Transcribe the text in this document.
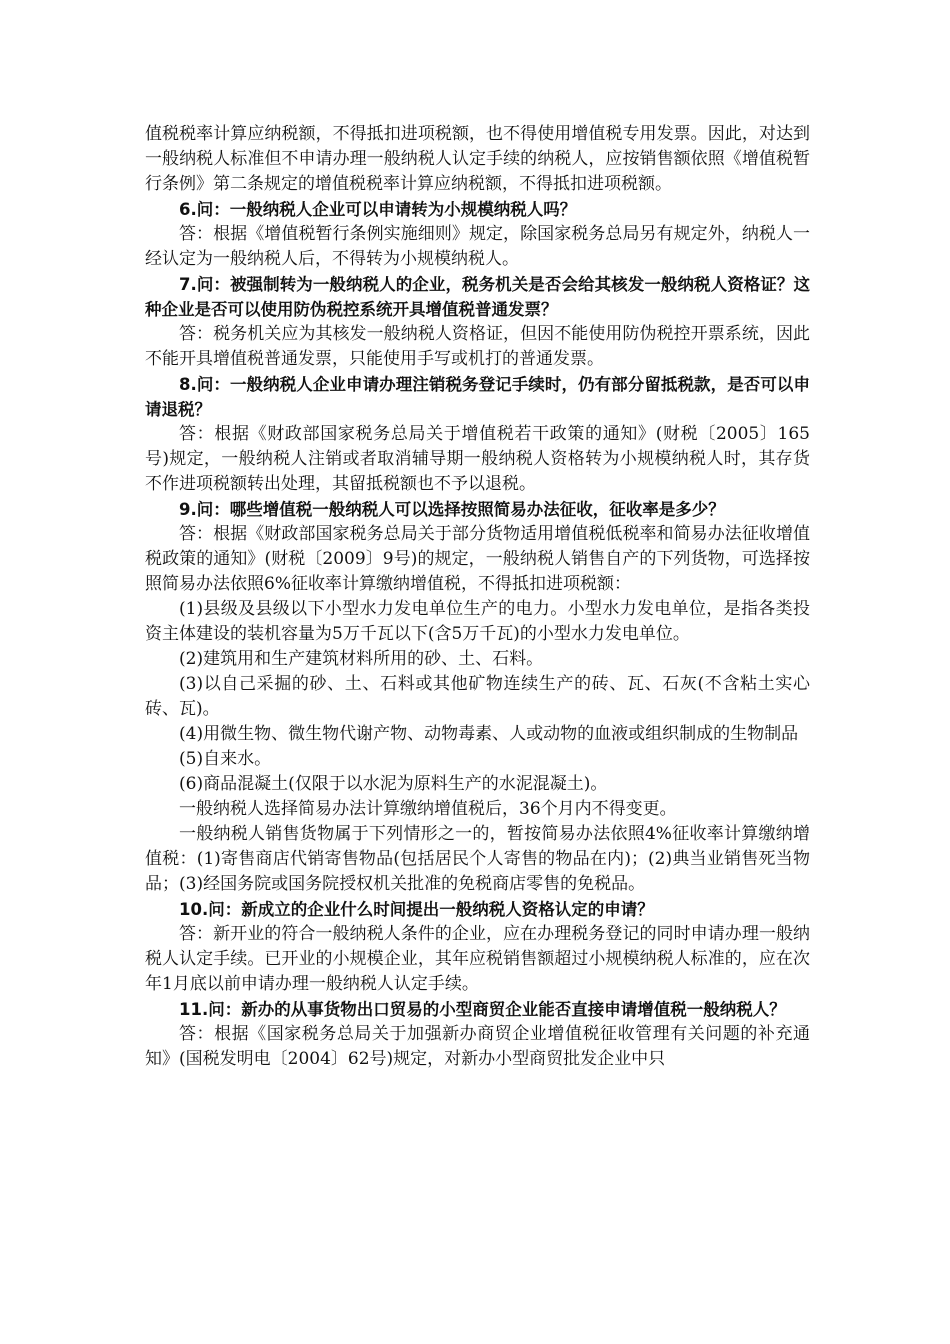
值税税率计算应纳税额，不得抵扣进项税额，也不得使用增值税专用发票。因此，对达到一般纳税人标准但不申请办理一般纳税人认定手续的纳税人，应按销售额依照《增值税暂行条例》第二条规定的增值税税率计算应纳税额，不得抵扣进项税额。

6.问：一般纳税人企业可以申请转为小规模纳税人吗？

答：根据《增值税暂行条例实施细则》规定，除国家税务总局另有规定外，纳税人一经认定为一般纳税人后，不得转为小规模纳税人。

7.问：被强制转为一般纳税人的企业，税务机关是否会给其核发一般纳税人资格证？这种企业是否可以使用防伪税控系统开具增值税普通发票？

答：税务机关应为其核发一般纳税人资格证，但因不能使用防伪税控开票系统，因此不能开具增值税普通发票，只能使用手写或机打的普通发票。

8.问：一般纳税人企业申请办理注销税务登记手续时，仍有部分留抵税款，是否可以申请退税？

答：根据《财政部国家税务总局关于增值税若干政策的通知》(财税〔2005〕165号)规定，一般纳税人注销或者取消辅导期一般纳税人资格转为小规模纳税人时，其存货不作进项税额转出处理，其留抵税额也不予以退税。

9.问：哪些增值税一般纳税人可以选择按照简易办法征收，征收率是多少？

答：根据《财政部国家税务总局关于部分货物适用增值税低税率和简易办法征收增值税政策的通知》(财税〔2009〕9号)的规定，一般纳税人销售自产的下列货物，可选择按照简易办法依照6%征收率计算缴纳增值税，不得抵扣进项税额：

(1)县级及县级以下小型水力发电单位生产的电力。小型水力发电单位，是指各类投资主体建设的装机容量为5万千瓦以下(含5万千瓦)的小型水力发电单位。

(2)建筑用和生产建筑材料所用的砂、土、石料。

(3)以自己采掘的砂、土、石料或其他矿物连续生产的砖、瓦、石灰(不含粘土实心砖、瓦)。

(4)用微生物、微生物代谢产物、动物毒素、人或动物的血液或组织制成的生物制品

(5)自来水。

(6)商品混凝土(仅限于以水泥为原料生产的水泥混凝土)。

一般纳税人选择简易办法计算缴纳增值税后，36个月内不得变更。

一般纳税人销售货物属于下列情形之一的，暂按简易办法依照4%征收率计算缴纳增值税：(1)寄售商店代销寄售物品(包括居民个人寄售的物品在内)；(2)典当业销售死当物品；(3)经国务院或国务院授权机关批准的免税商店零售的免税品。

10.问：新成立的企业什么时间提出一般纳税人资格认定的申请？

答：新开业的符合一般纳税人条件的企业，应在办理税务登记的同时申请办理一般纳税人认定手续。已开业的小规模企业，其年应税销售额超过小规模纳税人标准的，应在次年1月底以前申请办理一般纳税人认定手续。

11.问：新办的从事货物出口贸易的小型商贸企业能否直接申请增值税一般纳税人？

答：根据《国家税务总局关于加强新办商贸企业增值税征收管理有关问题的补充通知》(国税发明电〔2004〕62号)规定，对新办小型商贸批发企业中只
